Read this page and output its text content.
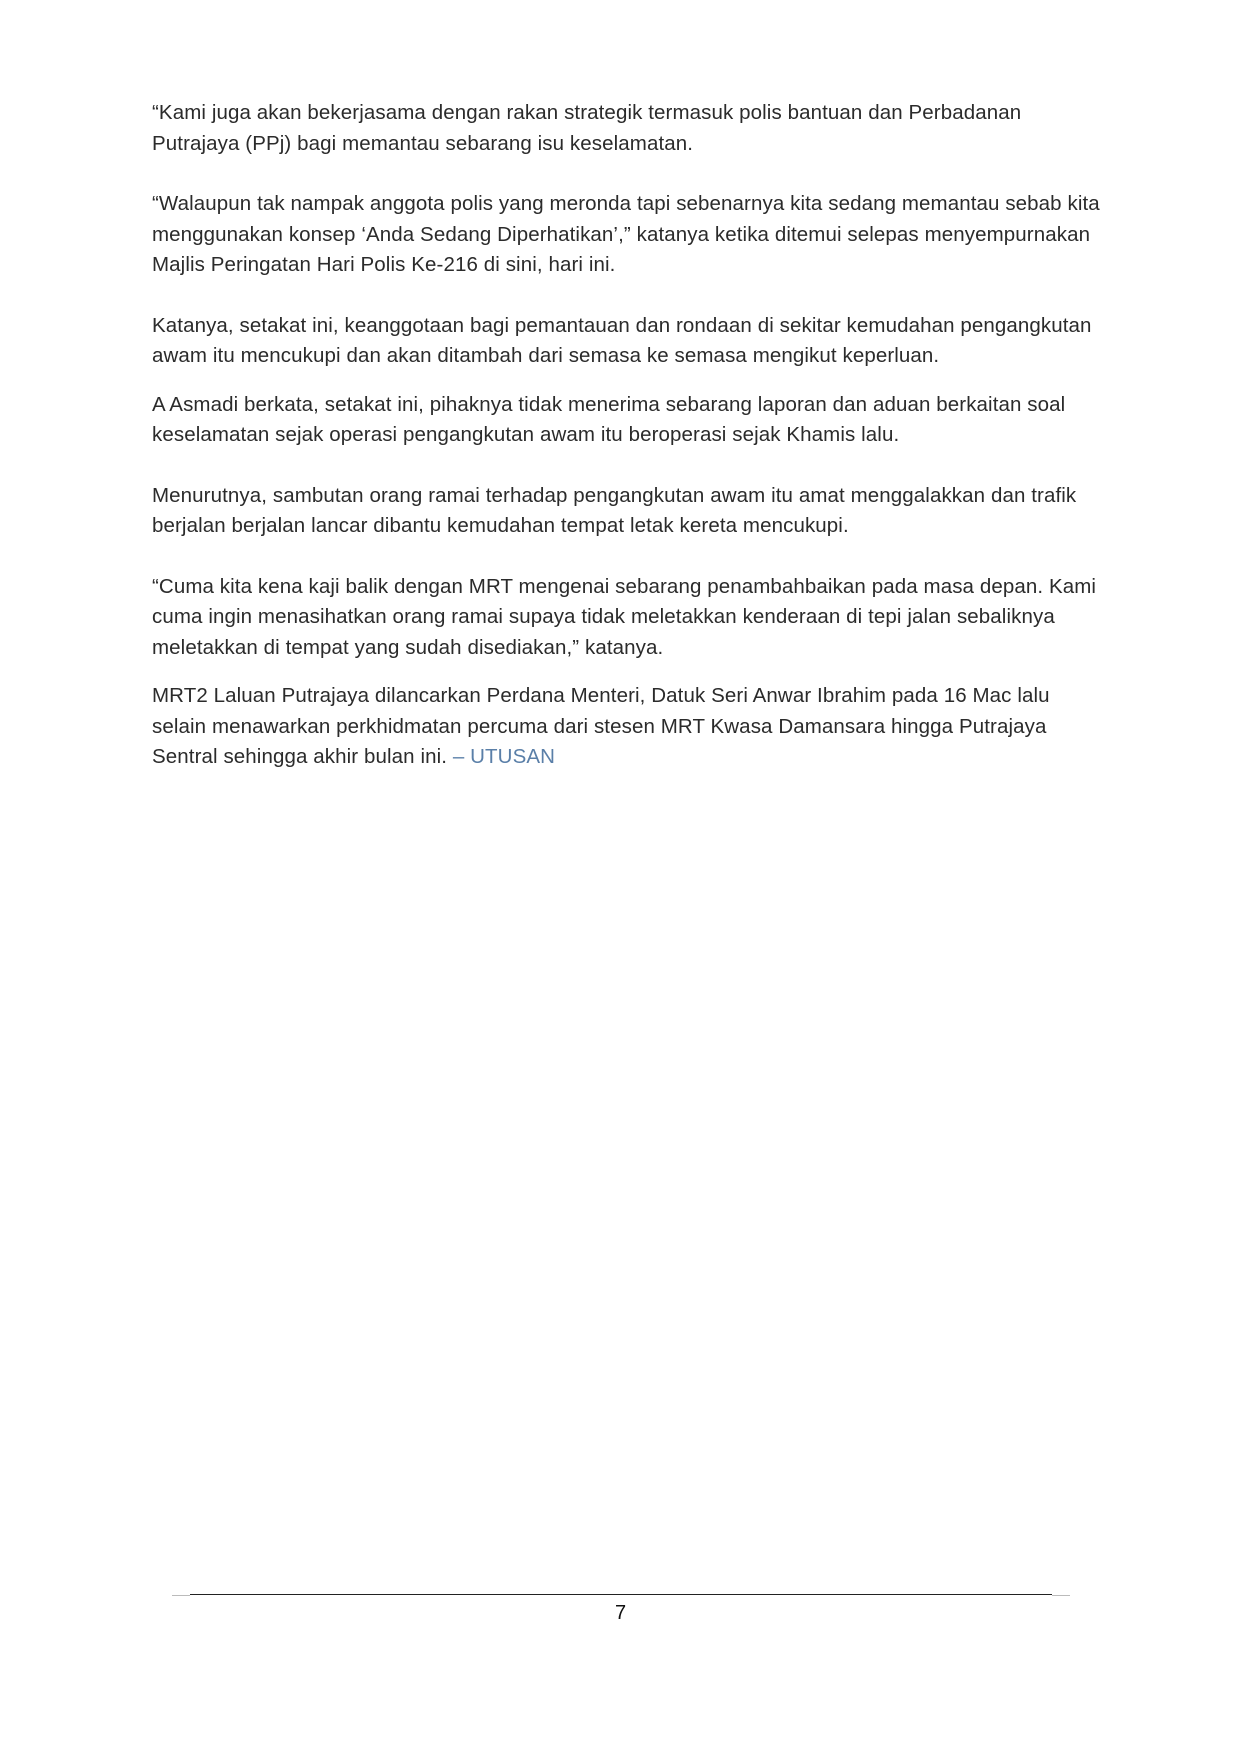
“Kami juga akan bekerjasama dengan rakan strategik termasuk polis bantuan dan Perbadanan Putrajaya (PPj) bagi memantau sebarang isu keselamatan.

“Walaupun tak nampak anggota polis yang meronda tapi sebenarnya kita sedang memantau sebab kita menggunakan konsep ‘Anda Sedang Diperhatikan’,” katanya ketika ditemui selepas menyempurnakan Majlis Peringatan Hari Polis Ke-216 di sini, hari ini.

Katanya, setakat ini, keanggotaan bagi pemantauan dan rondaan di sekitar kemudahan pengangkutan awam itu mencukupi dan akan ditambah dari semasa ke semasa mengikut keperluan.

A Asmadi berkata, setakat ini, pihaknya tidak menerima sebarang laporan dan aduan berkaitan soal keselamatan sejak operasi pengangkutan awam itu beroperasi sejak Khamis lalu.

Menurutnya, sambutan orang ramai terhadap pengangkutan awam itu amat menggalakkan dan trafik berjalan berjalan lancar dibantu kemudahan tempat letak kereta mencukupi.

“Cuma kita kena kaji balik dengan MRT mengenai sebarang penambahbaikan pada masa depan. Kami cuma ingin menasihatkan orang ramai supaya tidak meletakkan kenderaan di tepi jalan sebaliknya meletakkan di tempat yang sudah disediakan,” katanya.

MRT2 Laluan Putrajaya dilancarkan Perdana Menteri, Datuk Seri Anwar Ibrahim pada 16 Mac lalu selain menawarkan perkhidmatan percuma dari stesen MRT Kwasa Damansara hingga Putrajaya Sentral sehingga akhir bulan ini. – UTUSAN

7
